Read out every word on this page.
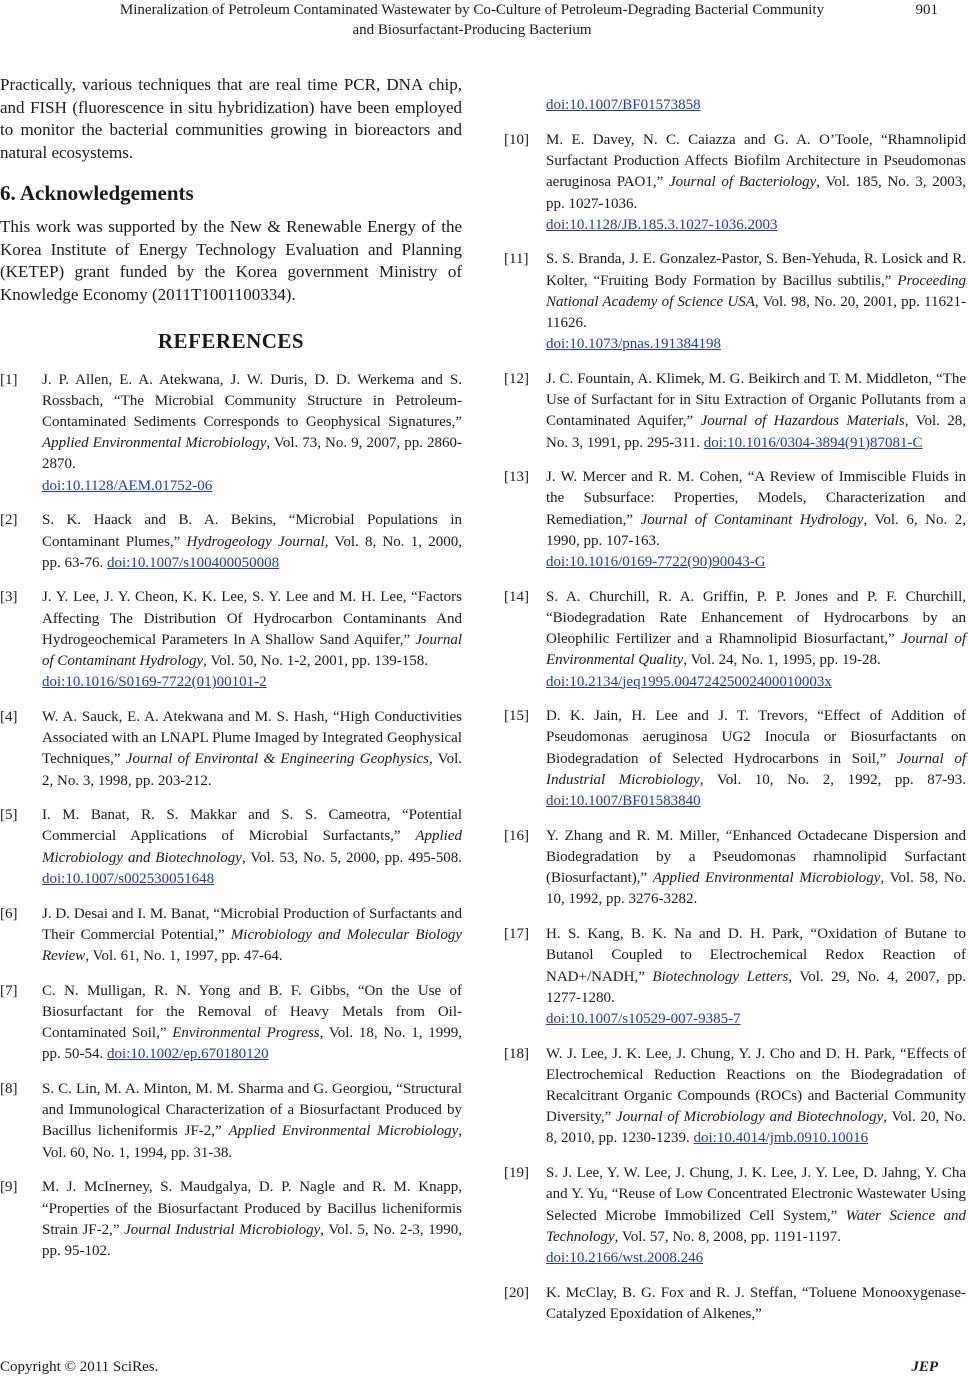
Mineralization of Petroleum Contaminated Wastewater by Co-Culture of Petroleum-Degrading Bacterial Community
and Biosurfactant-Producing Bacterium
901

Practically, various techniques that are real time PCR, DNA chip, and FISH (fluorescence in situ hybridization) have been employed to monitor the bacterial communities growing in bioreactors and natural ecosystems.

6. Acknowledgements

This work was supported by the New & Renewable Energy of the Korea Institute of Energy Technology Evaluation and Planning (KETEP) grant funded by the Korea government Ministry of Knowledge Economy (2011T1001100334).

REFERENCES
[1]	J. P. Allen, E. A. Atekwana, J. W. Duris, D. D. Werkema and S. Rossbach, “The Microbial Community Structure in Petroleum-Contaminated Sediments Corresponds to Geophysical Signatures,” Applied Environmental Microbiology, Vol. 73, No. 9, 2007, pp. 2860-2870.
doi:10.1128/AEM.01752-06
[2]	S. K. Haack and B. A. Bekins, “Microbial Populations in Contaminant Plumes,” Hydrogeology Journal, Vol. 8, No. 1, 2000, pp. 63-76. doi:10.1007/s100400050008
[3]	J. Y. Lee, J. Y. Cheon, K. K. Lee, S. Y. Lee and M. H. Lee, “Factors Affecting The Distribution Of Hydrocarbon Contaminants And Hydrogeochemical Parameters In A Shallow Sand Aquifer,” Journal of Contaminant Hydrology, Vol. 50, No. 1-2, 2001, pp. 139-158.
doi:10.1016/S0169-7722(01)00101-2
[4]	W. A. Sauck, E. A. Atekwana and M. S. Hash, “High Conductivities Associated with an LNAPL Plume Imaged by Integrated Geophysical Techniques,” Journal of Environtal & Engineering Geophysics, Vol. 2, No. 3, 1998, pp. 203-212.
[5]	I. M. Banat, R. S. Makkar and S. S. Cameotra, “Potential Commercial Applications of Microbial Surfactants,” Applied Microbiology and Biotechnology, Vol. 53, No. 5, 2000, pp. 495-508. doi:10.1007/s002530051648
[6]	J. D. Desai and I. M. Banat, “Microbial Production of Surfactants and Their Commercial Potential,” Microbiology and Molecular Biology Review, Vol. 61, No. 1, 1997, pp. 47-64.
[7]	C. N. Mulligan, R. N. Yong and B. F. Gibbs, “On the Use of Biosurfactant for the Removal of Heavy Metals from Oil-Contaminated Soil,” Environmental Progress, Vol. 18, No. 1, 1999, pp. 50-54. doi:10.1002/ep.670180120
[8]	S. C. Lin, M. A. Minton, M. M. Sharma and G. Georgiou, “Structural and Immunological Characterization of a Biosurfactant Produced by Bacillus licheniformis JF-2,” Applied Environmental Microbiology, Vol. 60, No. 1, 1994, pp. 31-38.
[9]	M. J. McInerney, S. Maudgalya, D. P. Nagle and R. M. Knapp, “Properties of the Biosurfactant Produced by Bacillus licheniformis Strain JF-2,” Journal Industrial Microbiology, Vol. 5, No. 2-3, 1990, pp. 95-102.

doi:10.1007/BF01573858
[10]	M. E. Davey, N. C. Caiazza and G. A. O’Toole, “Rhamnolipid Surfactant Production Affects Biofilm Architecture in Pseudomonas aeruginosa PAO1,” Journal of Bacteriology, Vol. 185, No. 3, 2003, pp. 1027-1036.
doi:10.1128/JB.185.3.1027-1036.2003
[11]	S. S. Branda, J. E. Gonzalez-Pastor, S. Ben-Yehuda, R. Losick and R. Kolter, “Fruiting Body Formation by Bacillus subtilis,” Proceeding National Academy of Science USA, Vol. 98, No. 20, 2001, pp. 11621-11626.
doi:10.1073/pnas.191384198
[12]	J. C. Fountain, A. Klimek, M. G. Beikirch and T. M. Middleton, “The Use of Surfactant for in Situ Extraction of Organic Pollutants from a Contaminated Aquifer,” Journal of Hazardous Materials, Vol. 28, No. 3, 1991, pp. 295-311. doi:10.1016/0304-3894(91)87081-C
[13]	J. W. Mercer and R. M. Cohen, “A Review of Immiscible Fluids in the Subsurface: Properties, Models, Characterization and Remediation,” Journal of Contaminant Hydrology, Vol. 6, No. 2, 1990, pp. 107-163.
doi:10.1016/0169-7722(90)90043-G
[14]	S. A. Churchill, R. A. Griffin, P. P. Jones and P. F. Churchill, “Biodegradation Rate Enhancement of Hydrocarbons by an Oleophilic Fertilizer and a Rhamnolipid Biosurfactant,” Journal of Environmental Quality, Vol. 24, No. 1, 1995, pp. 19-28.
doi:10.2134/jeq1995.00472425002400010003x
[15]	D. K. Jain, H. Lee and J. T. Trevors, “Effect of Addition of Pseudomonas aeruginosa UG2 Inocula or Biosurfactants on Biodegradation of Selected Hydrocarbons in Soil,” Journal of Industrial Microbiology, Vol. 10, No. 2, 1992, pp. 87-93. doi:10.1007/BF01583840
[16]	Y. Zhang and R. M. Miller, “Enhanced Octadecane Dispersion and Biodegradation by a Pseudomonas rhamnolipid Surfactant (Biosurfactant),” Applied Environmental Microbiology, Vol. 58, No. 10, 1992, pp. 3276-3282.
[17]	H. S. Kang, B. K. Na and D. H. Park, “Oxidation of Butane to Butanol Coupled to Electrochemical Redox Reaction of NAD+/NADH,” Biotechnology Letters, Vol. 29, No. 4, 2007, pp. 1277-1280.
doi:10.1007/s10529-007-9385-7
[18]	W. J. Lee, J. K. Lee, J. Chung, Y. J. Cho and D. H. Park, “Effects of Electrochemical Reduction Reactions on the Biodegradation of Recalcitrant Organic Compounds (ROCs) and Bacterial Community Diversity,” Journal of Microbiology and Biotechnology, Vol. 20, No. 8, 2010, pp. 1230-1239. doi:10.4014/jmb.0910.10016
[19]	S. J. Lee, Y. W. Lee, J. Chung, J. K. Lee, J. Y. Lee, D. Jahng, Y. Cha and Y. Yu, “Reuse of Low Concentrated Electronic Wastewater Using Selected Microbe Immobilized Cell System,” Water Science and Technology, Vol. 57, No. 8, 2008, pp. 1191-1197.
doi:10.2166/wst.2008.246
[20]	K. McClay, B. G. Fox and R. J. Steffan, “Toluene Monooxygenase-Catalyzed Epoxidation of Alkenes,”
Copyright © 2011 SciRes.	JEP
